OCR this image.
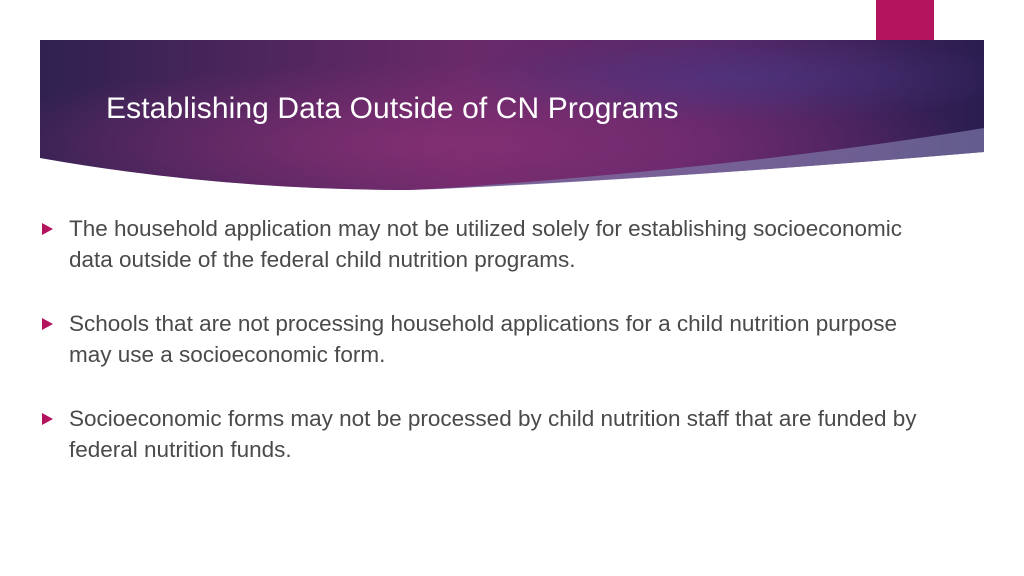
Establishing Data Outside of CN Programs
The household application may not be utilized solely for establishing socioeconomic data outside of the federal child nutrition programs.
Schools that are not processing household applications for a child nutrition purpose may use a socioeconomic form.
Socioeconomic forms may not be processed by child nutrition staff that are funded by federal nutrition funds.
